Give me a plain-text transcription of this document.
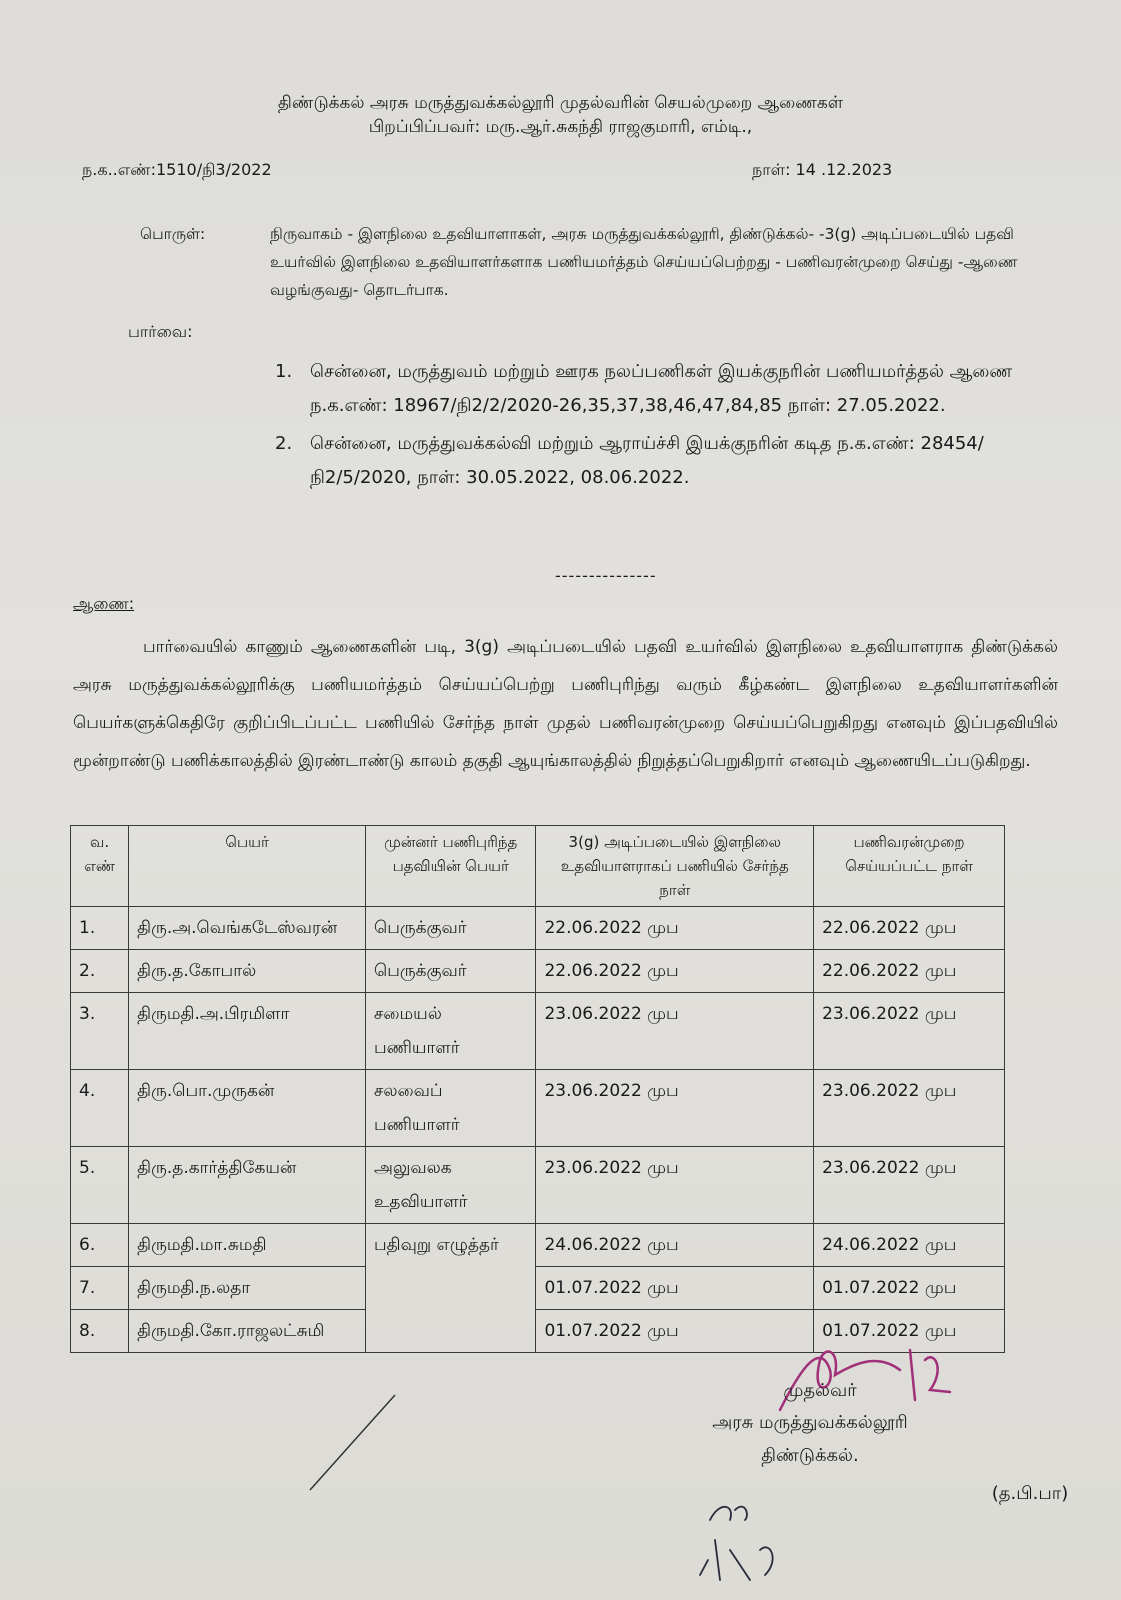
திண்டுக்கல் அரசு மருத்துவக்கல்லூரி முதல்வரின் செயல்முறை ஆணைகள்
பிறப்பிப்பவர்: மரு.ஆர்.சுகந்தி ராஜகுமாரி, எம்டி.,
ந.க..எண்:1510/நி3/2022	நாள்: 14 .12.2023
பொருள்:	நிருவாகம் - இளநிலை உதவியாளாகள், அரசு மருத்துவக்கல்லூரி, திண்டுக்கல்- -3(g) அடிப்படையில் பதவி உயர்வில் இளநிலை உதவியாளர்களாக பணியமர்த்தம் செய்யப்பெற்றது - பணிவரன்முறை செய்து -ஆணை வழங்குவது- தொடர்பாக.
பார்வை:
1. சென்னை, மருத்துவம் மற்றும் ஊரக நலப்பணிகள் இயக்குநரின் பணியமர்த்தல் ஆணை ந.க.எண்: 18967/நி2/2/2020-26,35,37,38,46,47,84,85 நாள்: 27.05.2022.
2. சென்னை, மருத்துவக்கல்வி மற்றும் ஆராய்ச்சி இயக்குநரின் கடித ந.க.எண்: 28454/நி2/5/2020, நாள்: 30.05.2022, 08.06.2022.
---------------
ஆணை:
பார்வையில் காணும் ஆணைகளின் படி, 3(g) அடிப்படையில் பதவி உயர்வில் இளநிலை உதவியாளராக திண்டுக்கல் அரசு மருத்துவக்கல்லூரிக்கு பணியமர்த்தம் செய்யப்பெற்று பணிபுரிந்து வரும் கீழ்கண்ட இளநிலை உதவியாளர்களின் பெயர்களுக்கெதிரே குறிப்பிடப்பட்ட பணியில் சேர்ந்த நாள் முதல் பணிவரன்முறை செய்யப்பெறுகிறது எனவும் இப்பதவியில் மூன்றாண்டு பணிக்காலத்தில் இரண்டாண்டு காலம் தகுதி ஆயுங்காலத்தில் நிறுத்தப்பெறுகிறார் எனவும் ஆணையிடப்படுகிறது.
வ. எண்	பெயர்	முன்னர் பணிபுரிந்த பதவியின் பெயர்	3(g) அடிப்படையில் இளநிலை உதவியாளராகப் பணியில் சேர்ந்த நாள்	பணிவரன்முறை செய்யப்பட்ட நாள்
1.	திரு.அ.வெங்கடேஸ்வரன்	பெருக்குவர்	22.06.2022 முப	22.06.2022 முப
2.	திரு.த.கோபால்	பெருக்குவர்	22.06.2022 முப	22.06.2022 முப
3.	திருமதி.அ.பிரமிளா	சமையல் பணியாளர்	23.06.2022 முப	23.06.2022 முப
4.	திரு.பொ.முருகன்	சலவைப் பணியாளர்	23.06.2022 முப	23.06.2022 முப
5.	திரு.த.கார்த்திகேயன்	அலுவலக உதவியாளர்	23.06.2022 முப	23.06.2022 முப
6.	திருமதி.மா.சுமதி	பதிவுறு எழுத்தர்	24.06.2022 முப	24.06.2022 முப
7.	திருமதி.ந.லதா		01.07.2022 முப	01.07.2022 முப
8.	திருமதி.கோ.ராஜலட்சுமி		01.07.2022 முப	01.07.2022 முப
முதல்வர்
அரசு மருத்துவக்கல்லூரி
திண்டுக்கல்.
(த.பி.பா)
